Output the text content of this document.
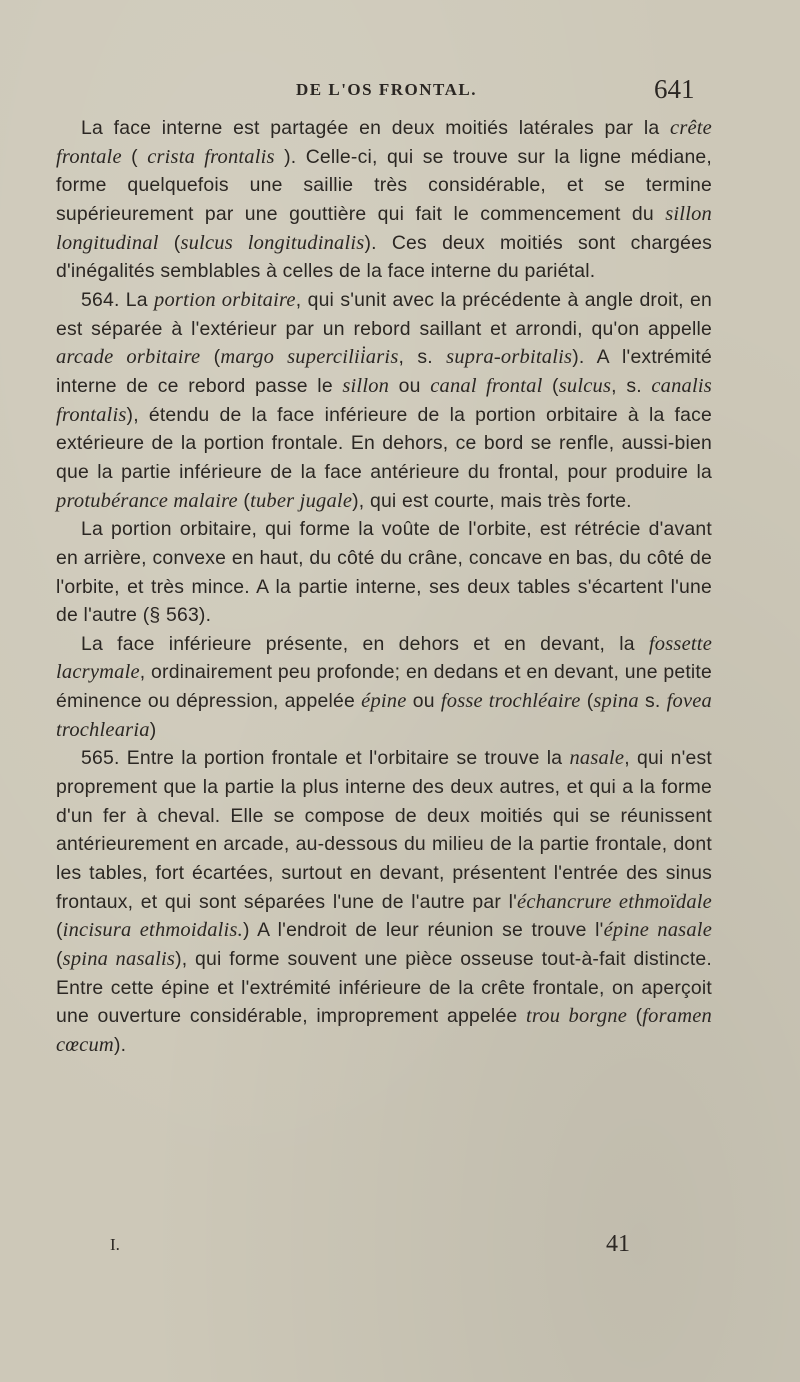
DE L'OS FRONTAL.	641

La face interne est partagée en deux moitiés latérales par la crête frontale ( crista frontalis ). Celle-ci, qui se trouve sur la ligne médiane, forme quelquefois une saillie très considérable, et se termine supérieurement par une gouttière qui fait le commencement du sillon longitudinal (sulcus longitudinalis). Ces deux moitiés sont chargées d'inégalités semblables à celles de la face interne du pariétal.

564. La portion orbitaire, qui s'unit avec la précédente à angle droit, en est séparée à l'extérieur par un rebord saillant et arrondi, qu'on appelle arcade orbitaire (margo supercilii̇aris, s. supra-orbitalis). A l'extrémité interne de ce rebord passe le sillon ou canal frontal (sulcus, s. canalis frontalis), étendu de la face inférieure de la portion orbitaire à la face extérieure de la portion frontale. En dehors, ce bord se renfle, aussi-bien que la partie inférieure de la face antérieure du frontal, pour produire la protubérance malaire (tuber jugale), qui est courte, mais très forte.

La portion orbitaire, qui forme la voûte de l'orbite, est rétrécie d'avant en arrière, convexe en haut, du côté du crâne, concave en bas, du côté de l'orbite, et très mince. A la partie interne, ses deux tables s'écartent l'une de l'autre (§ 563).

La face inférieure présente, en dehors et en devant, la fossette lacrymale, ordinairement peu profonde; en dedans et en devant, une petite éminence ou dépression, appelée épine ou fosse trochléaire (spina s. fovea trochlearia)

565. Entre la portion frontale et l'orbitaire se trouve la nasale, qui n'est proprement que la partie la plus interne des deux autres, et qui a la forme d'un fer à cheval. Elle se compose de deux moitiés qui se réunissent antérieurement en arcade, au-dessous du milieu de la partie frontale, dont les tables, fort écartées, surtout en devant, présentent l'entrée des sinus frontaux, et qui sont séparées l'une de l'autre par l'échancrure ethmoïdale (incisura ethmoidalis.) A l'endroit de leur réunion se trouve l'épine nasale (spina nasalis), qui forme souvent une pièce osseuse tout-à-fait distincte. Entre cette épine et l'extrémité inférieure de la crête frontale, on aperçoit une ouverture considérable, improprement appelée trou borgne (foramen cœcum).

I.	41
